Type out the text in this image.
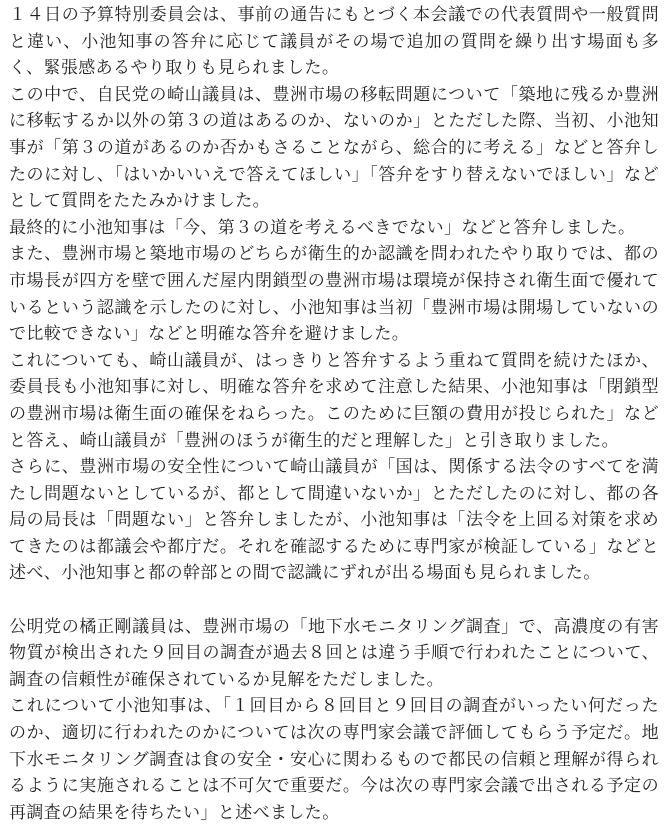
１４日の予算特別委員会は、事前の通告にもとづく本会議での代表質問や一般質問と違い、小池知事の答弁に応じて議員がその場で追加の質問を繰り出す場面も多く、緊張感あるやり取りも見られました。

この中で、自民党の崎山議員は、豊洲市場の移転問題について「築地に残るか豊洲に移転するか以外の第３の道はあるのか、ないのか」とただした際、当初、小池知事が「第３の道があるのか否かもさることながら、総合的に考える」などと答弁したのに対し、「はいかいいえで答えてほしい」「答弁をすり替えないでほしい」などとして質問をたたみかけました。

最終的に小池知事は「今、第３の道を考えるべきでない」などと答弁しました。

また、豊洲市場と築地市場のどちらが衛生的か認識を問われたやり取りでは、都の市場長が四方を壁で囲んだ屋内閉鎖型の豊洲市場は環境が保持され衛生面で優れているという認識を示したのに対し、小池知事は当初「豊洲市場は開場していないので比較できない」などと明確な答弁を避けました。

これについても、崎山議員が、はっきりと答弁するよう重ねて質問を続けたほか、委員長も小池知事に対し、明確な答弁を求めて注意した結果、小池知事は「閉鎖型の豊洲市場は衛生面の確保をねらった。このために巨額の費用が投じられた」などと答え、崎山議員が「豊洲のほうが衛生的だと理解した」と引き取りました。

さらに、豊洲市場の安全性について崎山議員が「国は、関係する法令のすべてを満たし問題ないとしているが、都として間違いないか」とただしたのに対し、都の各局の局長は「問題ない」と答弁しましたが、小池知事は「法令を上回る対策を求めてきたのは都議会や都庁だ。それを確認するために専門家が検証している」などと述べ、小池知事と都の幹部との間で認識にずれが出る場面も見られました。

公明党の橘正剛議員は、豊洲市場の「地下水モニタリング調査」で、高濃度の有害物質が検出された９回目の調査が過去８回とは違う手順で行われたことについて、調査の信頼性が確保されているか見解をただしました。

これについて小池知事は、「１回目から８回目と９回目の調査がいったい何だったのか、適切に行われたのかについては次の専門家会議で評価してもらう予定だ。地下水モニタリング調査は食の安全・安心に関わるもので都民の信頼と理解が得られるように実施されることは不可欠で重要だ。今は次の専門家会議で出される予定の再調査の結果を待ちたい」と述べました。
